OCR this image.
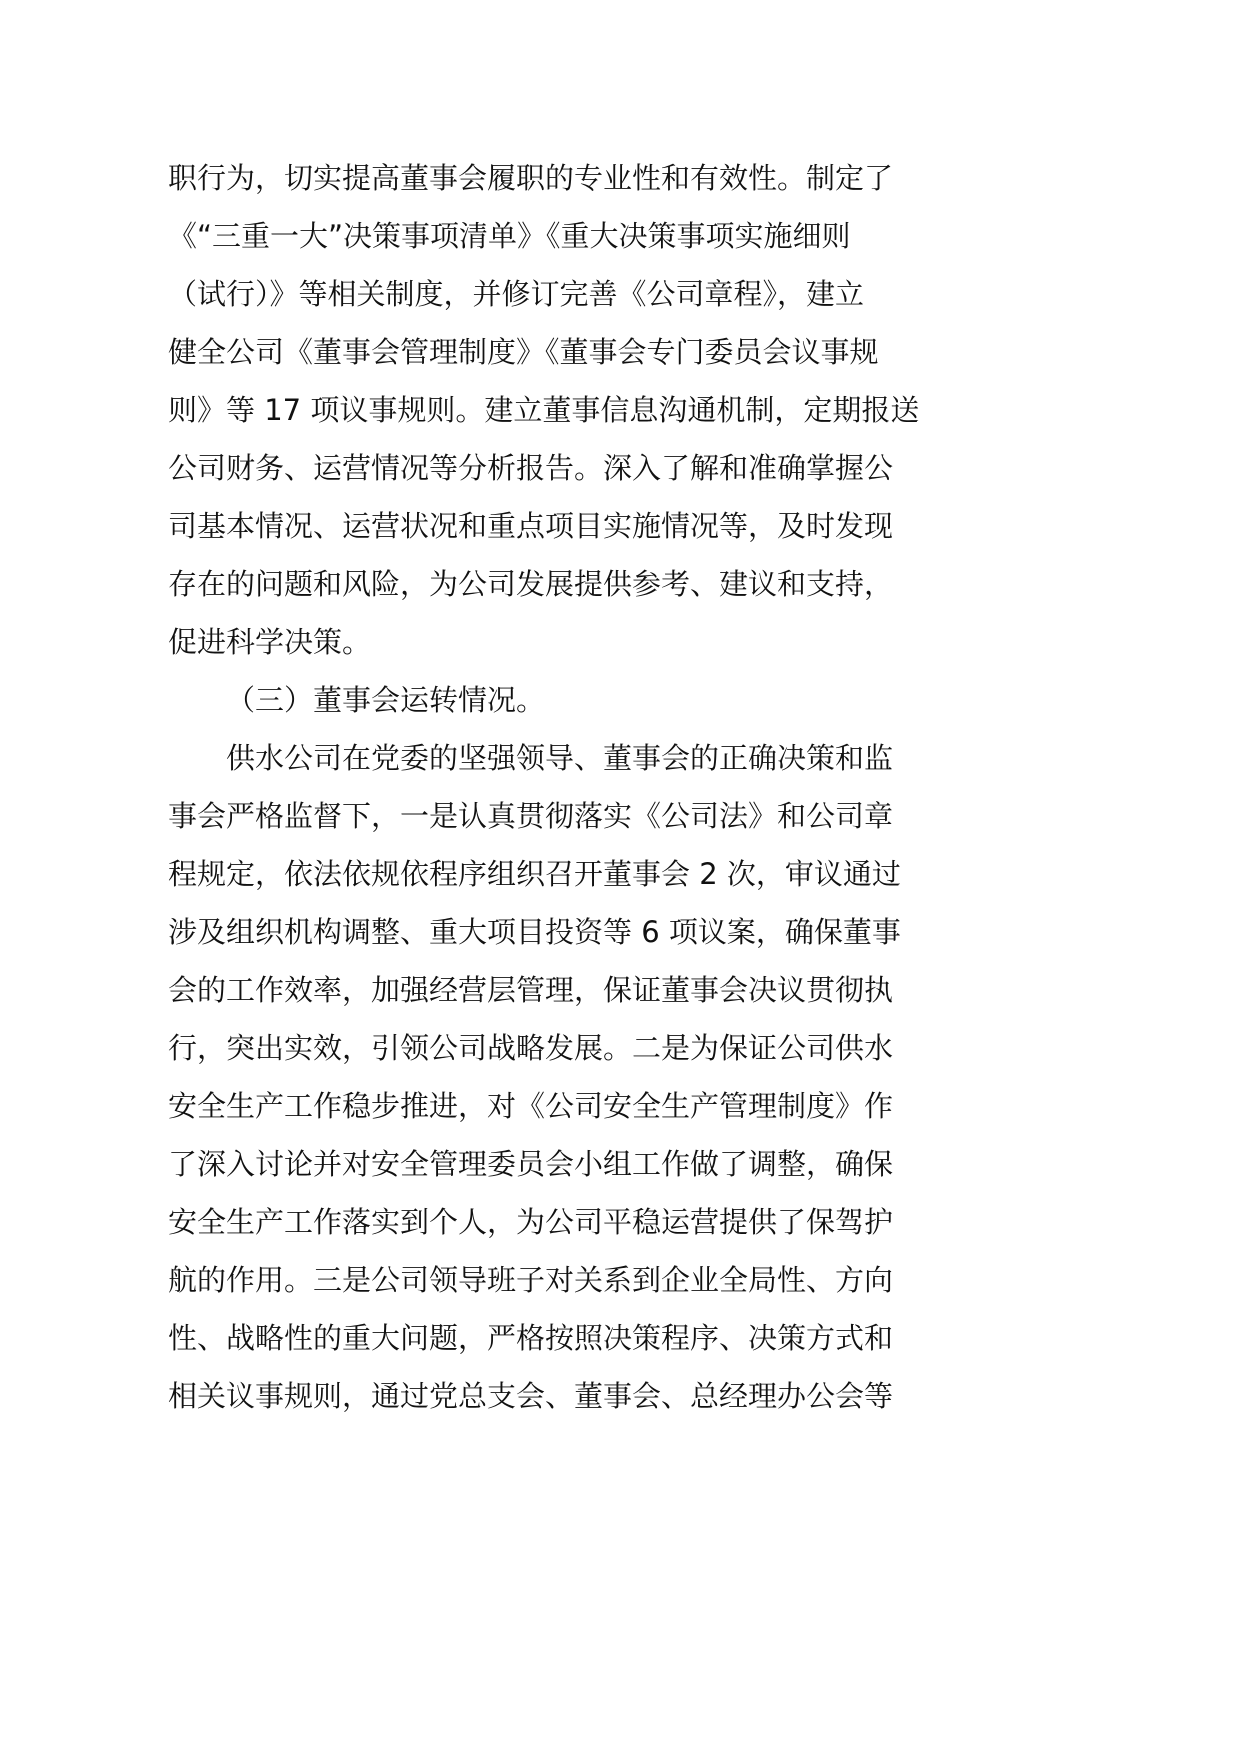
职行为，切实提高董事会履职的专业性和有效性。制定了
《“三重一大”决策事项清单》《重大决策事项实施细则
（试行）》等相关制度，并修订完善《公司章程》，建立
健全公司《董事会管理制度》《董事会专门委员会议事规
则》等 17 项议事规则。建立董事信息沟通机制，定期报送
公司财务、运营情况等分析报告。深入了解和准确掌握公
司基本情况、运营状况和重点项目实施情况等，及时发现
存在的问题和风险，为公司发展提供参考、建议和支持，
促进科学决策。
（三）董事会运转情况。
供水公司在党委的坚强领导、董事会的正确决策和监
事会严格监督下，一是认真贯彻落实《公司法》和公司章
程规定，依法依规依程序组织召开董事会 2 次，审议通过
涉及组织机构调整、重大项目投资等 6 项议案，确保董事
会的工作效率，加强经营层管理，保证董事会决议贯彻执
行，突出实效，引领公司战略发展。二是为保证公司供水
安全生产工作稳步推进，对《公司安全生产管理制度》作
了深入讨论并对安全管理委员会小组工作做了调整，确保
安全生产工作落实到个人，为公司平稳运营提供了保驾护
航的作用。三是公司领导班子对关系到企业全局性、方向
性、战略性的重大问题，严格按照决策程序、决策方式和
相关议事规则，通过党总支会、董事会、总经理办公会等
